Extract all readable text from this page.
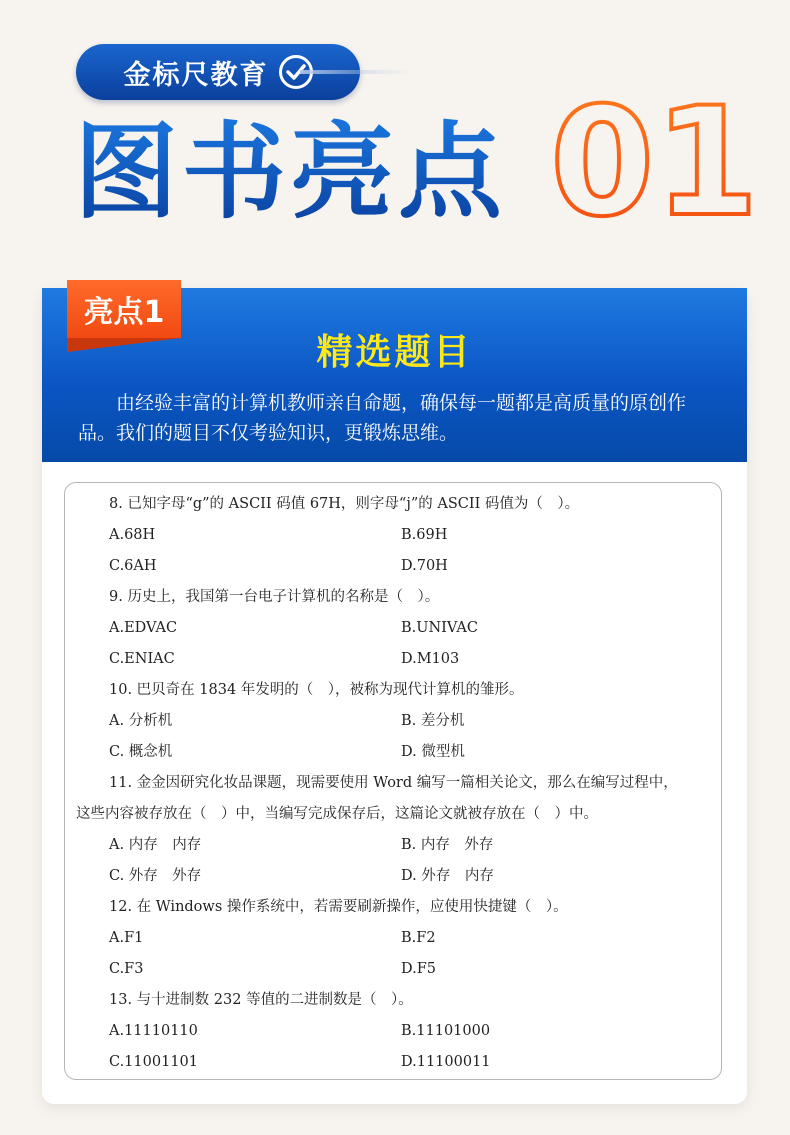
金标尺教育
图书亮点 01
精选题目
由经验丰富的计算机教师亲自命题，确保每一题都是高质量的原创作品。我们的题目不仅考验知识，更锻炼思维。
亮点1
8. 已知字母“g”的 ASCII 码值 67H，则字母“j”的 ASCII 码值为（　）。
A.68H	B.69H
C.6AH	D.70H
9. 历史上，我国第一台电子计算机的名称是（　）。
A.EDVAC	B.UNIVAC
C.ENIAC	D.M103
10. 巴贝奇在 1834 年发明的（　），被称为现代计算机的雏形。
A. 分析机	B. 差分机
C. 概念机	D. 微型机
11. 金金因研究化妆品课题，现需要使用 Word 编写一篇相关论文，那么在编写过程中，
这些内容被存放在（　）中，当编写完成保存后，这篇论文就被存放在（　）中。
A. 内存　内存	B. 内存　外存
C. 外存　外存	D. 外存　内存
12. 在 Windows 操作系统中，若需要刷新操作，应使用快捷键（　）。
A.F1	B.F2
C.F3	D.F5
13. 与十进制数 232 等值的二进制数是（　）。
A.11110110	B.11101000
C.11001101	D.11100011
